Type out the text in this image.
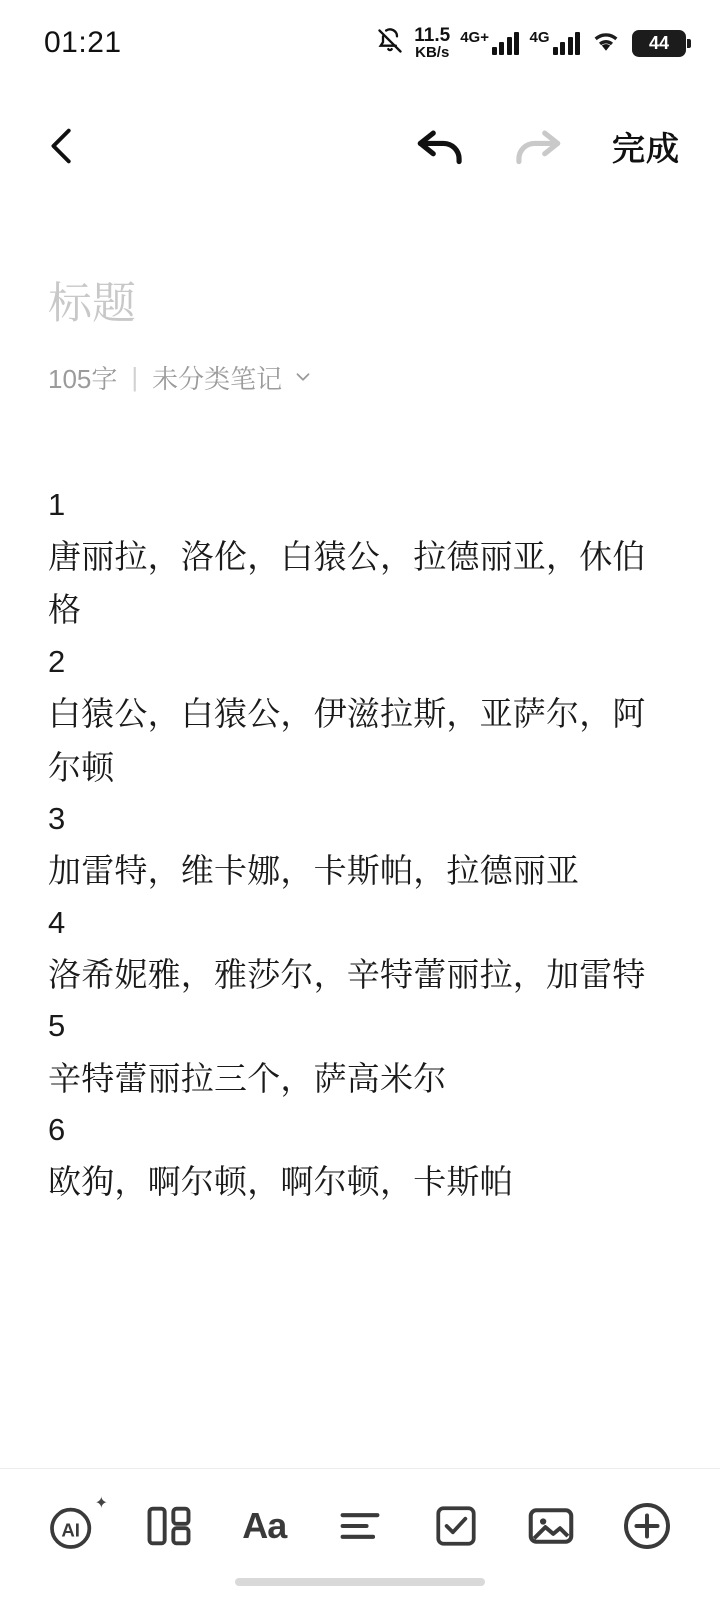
01:21	11.5
KB/s
4G+	4G	44
完成
标题
105字 | 未分类笔记
1
唐丽拉，洛伦，白猿公，拉德丽亚，休伯格
2
白猿公，白猿公，伊滋拉斯，亚萨尔，阿尔顿
3
加雷特，维卡娜，卡斯帕，拉德丽亚
4
洛希妮雅，雅莎尔，辛特蕾丽拉，加雷特
5
辛特蕾丽拉三个，萨高米尔
6
欧狗，啊尔顿，啊尔顿，卡斯帕
AI
✦
Aa
